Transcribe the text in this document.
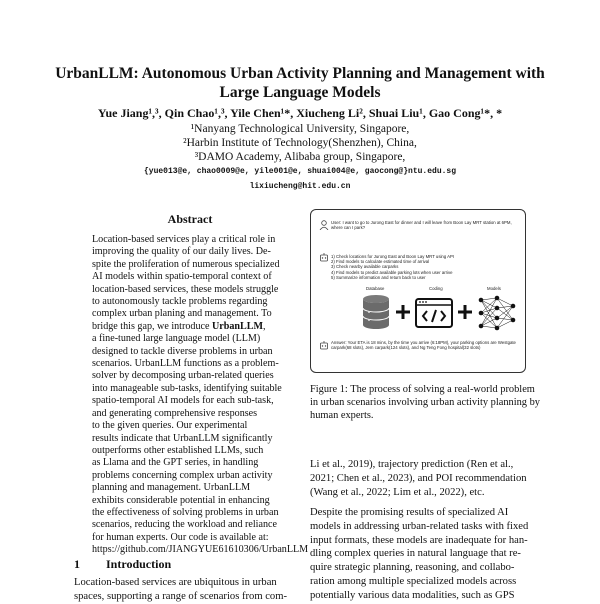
UrbanLLM: Autonomous Urban Activity Planning and Management with
Large Language Models
Yue Jiang¹,³, Qin Chao¹,³, Yile Chen¹*, Xiucheng Li², Shuai Liu¹, Gao Cong¹*, *
¹Nanyang Technological University, Singapore,
²Harbin Institute of Technology(Shenzhen), China,
³DAMO Academy, Alibaba group, Singapore,
{yue013@e, chao0009@e, yile001@e, shuai004@e, gaocong@}ntu.edu.sg
lixiucheng@hit.edu.cn
Abstract
Location-based services play a critical role in
improving the quality of our daily lives. De-
spite the proliferation of numerous specialized
AI models within spatio-temporal context of
location-based services, these models struggle
to autonomously tackle problems regarding
complex urban planing and management. To
bridge this gap, we introduce UrbanLLM,
a fine-tuned large language model (LLM)
designed to tackle diverse problems in urban
scenarios. UrbanLLM functions as a problem-
solver by decomposing urban-related queries
into manageable sub-tasks, identifying suitable
spatio-temporal AI models for each sub-task,
and generating comprehensive responses
to the given queries. Our experimental
results indicate that UrbanLLM significantly
outperforms other established LLMs, such
as Llama and the GPT series, in handling
problems concerning complex urban activity
planning and management. UrbanLLM
exhibits considerable potential in enhancing
the effectiveness of solving problems in urban
scenarios, reducing the workload and reliance
for human experts. Our code is available at:
https://github.com/JIANGYUE61610306/UrbanLLM
1 Introduction
Location-based services are ubiquitous in urban
spaces, supporting a range of scenarios from com-
User: I want to go to Jurong East for dinner and I will leave from Boon Lay MRT station at 6PM, where can I park?
1) Check locations for Jurong East and Boon Lay MRT using API
2) Find models to calculate estimated time of arrival
3) Check nearby available carparks
4) Find models to predict available parking lots when user arrive
5) Summarize information and return back to user
Database	Coding	Models
Answer: Your ETA is 18 mins, by the time you arrive (6:18PM), your parking options are Westgate carpark(68 slots), Jem carpark(124 slots), and Ng Teng Fong hospital(32 slots)
Figure 1: The process of solving a real-world problem
in urban scenarios involving urban activity planning by
human experts.
Li et al., 2019), trajectory prediction (Ren et al.,
2021; Chen et al., 2023), and POI recommendation
(Wang et al., 2022; Lim et al., 2022), etc.
Despite the promising results of specialized AI
models in addressing urban-related tasks with fixed
input formats, these models are inadequate for han-
dling complex queries in natural language that re-
quire strategic planning, reasoning, and collabo-
ration among multiple specialized models across
potentially various data modalities, such as GPS
